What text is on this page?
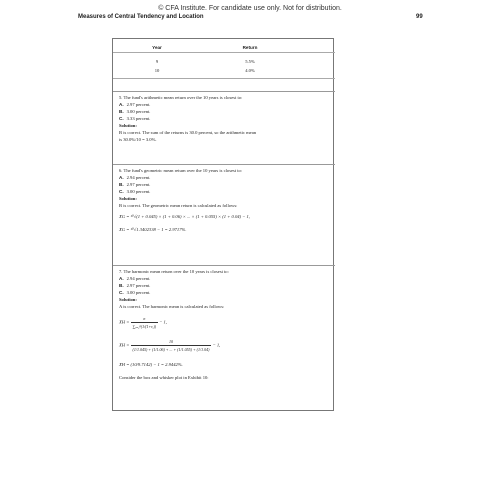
© CFA Institute. For candidate use only. Not for distribution.
Measures of Central Tendency and Location	99
Year	Return
9	5.5%
10	4.0%
5. The fund's arithmetic mean return over the 10 years is closest to:
A. 2.97 percent.
B. 3.00 percent.
C. 3.33 percent.
Solution:
B is correct. The sum of the returns is 30.0 percent, so the arithmetic mean
is 30.0%/10 = 3.0%.
6. The fund's geometric mean return over the 10 years is closest to:
A. 2.94 percent.
B. 2.97 percent.
C. 3.00 percent.
Solution:
B is correct. The geometric mean return is calculated as follows:
X̄G = ¹⁰√(1 + 0.045) × (1 + 0.06) × ... × (1 + 0.055) × (1 + 0.04) − 1,
X̄G = ¹⁰√1.3402338 − 1 = 2.9717%.
7. The harmonic mean return over the 10 years is closest to:
A. 2.94 percent.
B. 2.97 percent.
C. 3.00 percent.
Solution:
A is correct. The harmonic mean is calculated as follows:
X̄H = $\frac{n}{\text{∑ᵢ₌₁ⁿ(1/(1+rᵢ))}} - 1$,
X̄H = $\frac{10}{(1/1.045) + (1/1.06) + ... + (1/1.055) + (1/1.04)} - 1$,
X̄H = (10/9.7142) − 1 = 2.9442%.
Consider the box and whisker plot in Exhibit 10:
